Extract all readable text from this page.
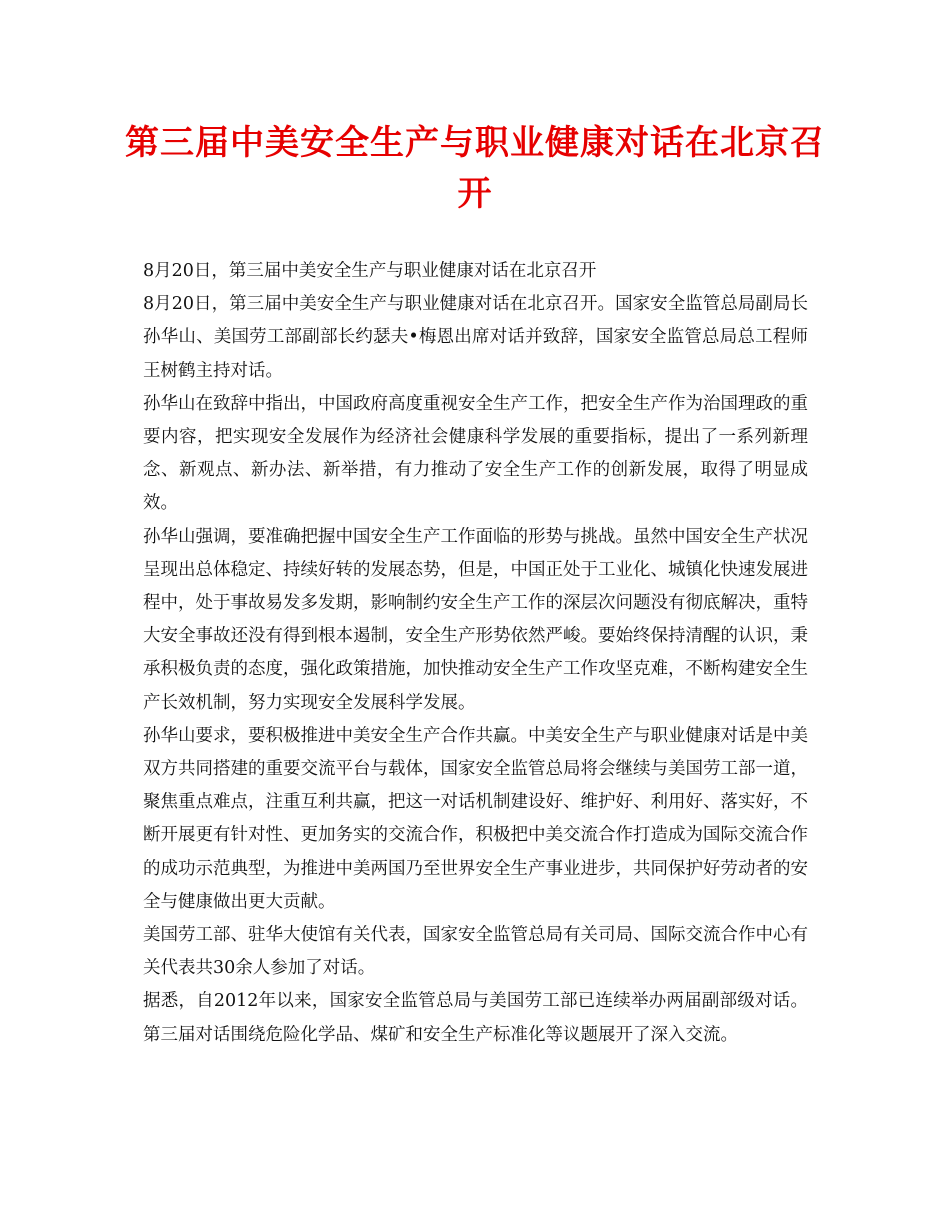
第三届中美安全生产与职业健康对话在北京召开

8月20日，第三届中美安全生产与职业健康对话在北京召开

8月20日，第三届中美安全生产与职业健康对话在北京召开。国家安全监管总局副局长孙华山、美国劳工部副部长约瑟夫•梅恩出席对话并致辞，国家安全监管总局总工程师王树鹤主持对话。

孙华山在致辞中指出，中国政府高度重视安全生产工作，把安全生产作为治国理政的重要内容，把实现安全发展作为经济社会健康科学发展的重要指标，提出了一系列新理念、新观点、新办法、新举措，有力推动了安全生产工作的创新发展，取得了明显成效。

孙华山强调，要准确把握中国安全生产工作面临的形势与挑战。虽然中国安全生产状况呈现出总体稳定、持续好转的发展态势，但是，中国正处于工业化、城镇化快速发展进程中，处于事故易发多发期，影响制约安全生产工作的深层次问题没有彻底解决，重特大安全事故还没有得到根本遏制，安全生产形势依然严峻。要始终保持清醒的认识，秉承积极负责的态度，强化政策措施，加快推动安全生产工作攻坚克难，不断构建安全生产长效机制，努力实现安全发展科学发展。

孙华山要求，要积极推进中美安全生产合作共赢。中美安全生产与职业健康对话是中美双方共同搭建的重要交流平台与载体，国家安全监管总局将会继续与美国劳工部一道，聚焦重点难点，注重互利共赢，把这一对话机制建设好、维护好、利用好、落实好，不断开展更有针对性、更加务实的交流合作，积极把中美交流合作打造成为国际交流合作的成功示范典型，为推进中美两国乃至世界安全生产事业进步，共同保护好劳动者的安全与健康做出更大贡献。

美国劳工部、驻华大使馆有关代表，国家安全监管总局有关司局、国际交流合作中心有关代表共30余人参加了对话。

据悉，自2012年以来，国家安全监管总局与美国劳工部已连续举办两届副部级对话。第三届对话围绕危险化学品、煤矿和安全生产标准化等议题展开了深入交流。
